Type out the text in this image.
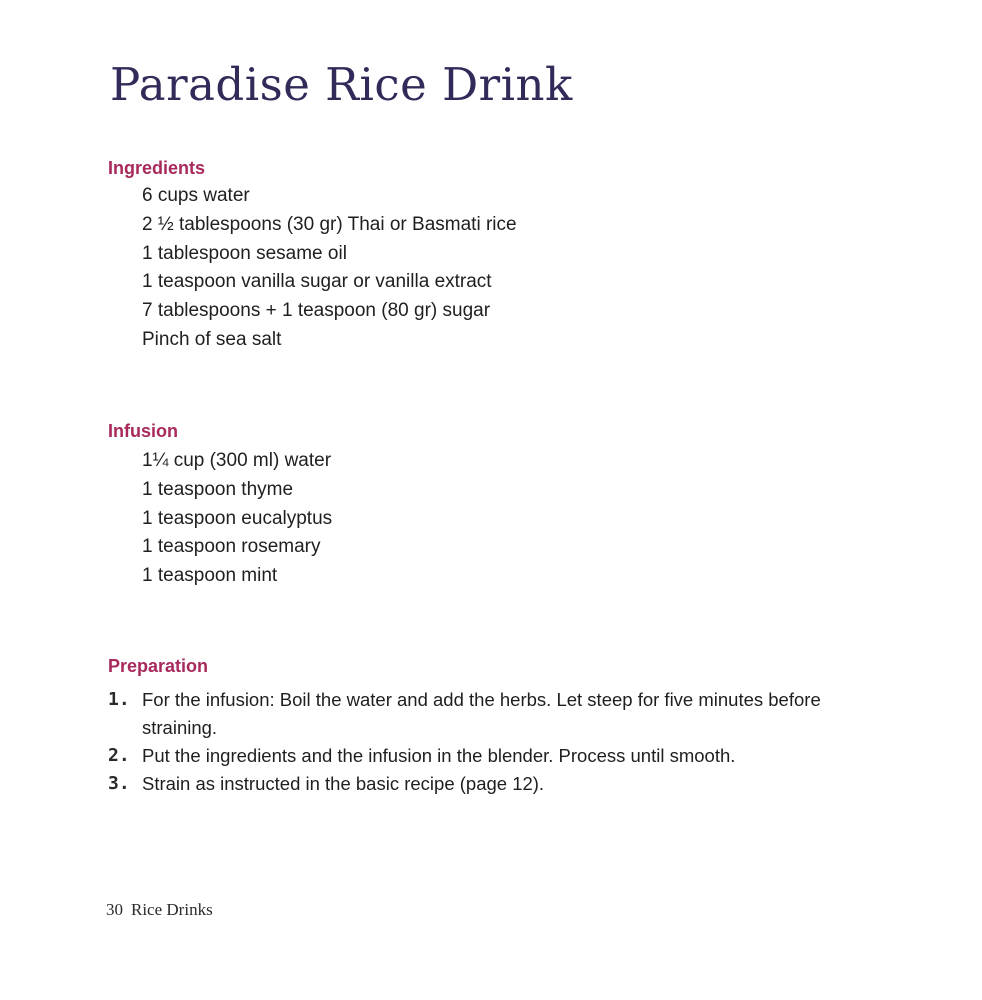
Paradise Rice Drink
Ingredients
6 cups water
2 ½ tablespoons (30 gr) Thai or Basmati rice
1 tablespoon sesame oil
1 teaspoon vanilla sugar or vanilla extract
7 tablespoons + 1 teaspoon (80 gr) sugar
Pinch of sea salt
Infusion
1¼ cup (300 ml) water
1 teaspoon thyme
1 teaspoon eucalyptus
1 teaspoon rosemary
1 teaspoon mint
Preparation
1. For the infusion: Boil the water and add the herbs. Let steep for five minutes before straining.
2. Put the ingredients and the infusion in the blender. Process until smooth.
3. Strain as instructed in the basic recipe (page 12).
30 Rice Drinks
